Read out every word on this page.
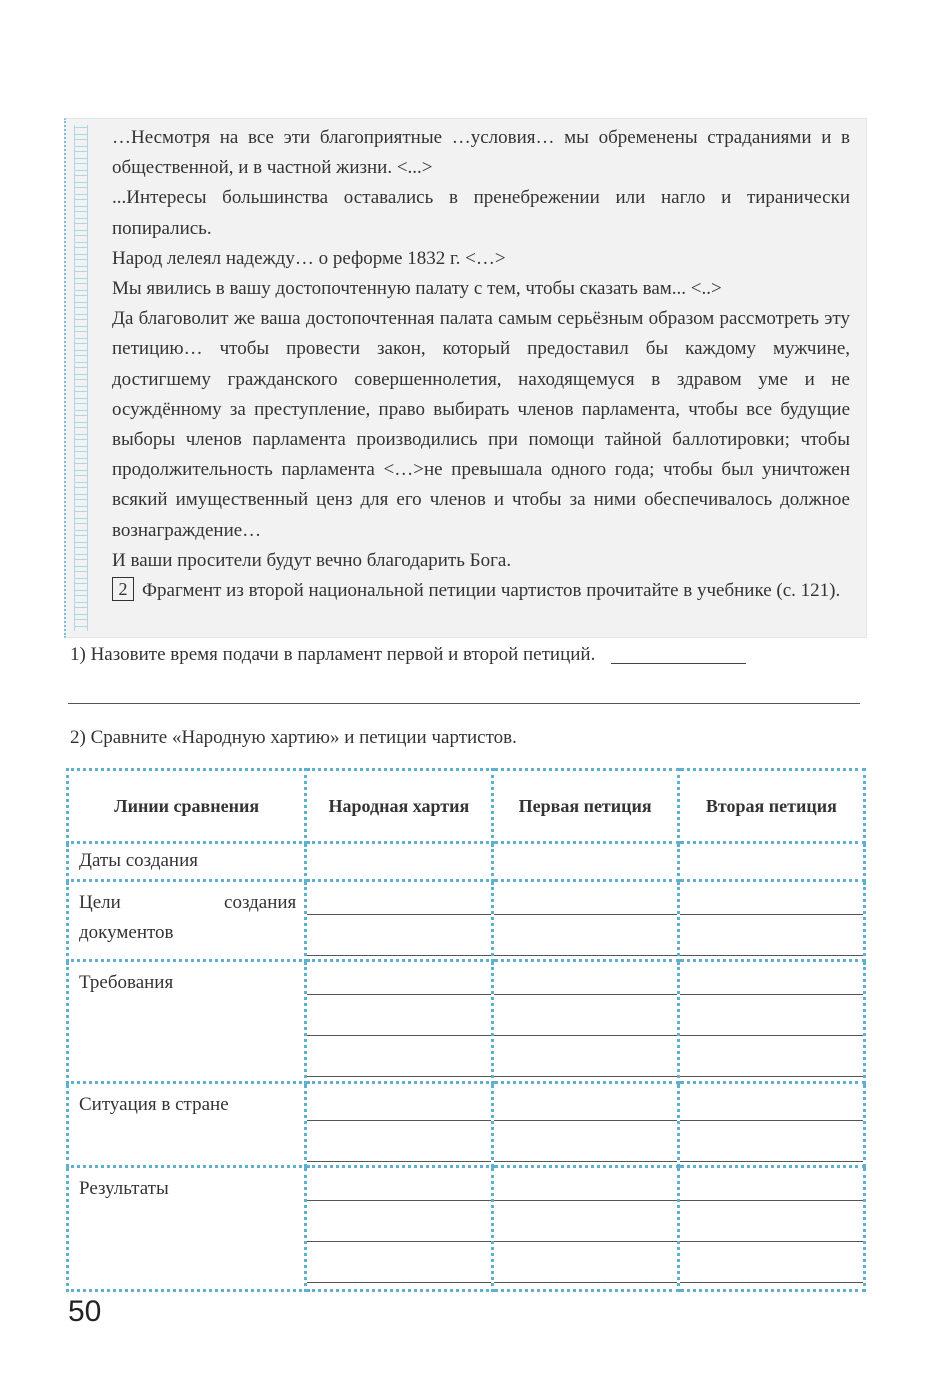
…Несмотря на все эти благоприятные …условия… мы обременены страданиями и в общественной, и в частной жизни. <...>

...Интересы большинства оставались в пренебрежении или нагло и тиранически попирались.

Народ лелеял надежду… о реформе 1832 г. <…>

Мы явились в вашу достопочтенную палату с тем, чтобы сказать вам... <..>

Да благоволит же ваша достопочтенная палата самым серьёзным образом рассмотреть эту петицию… чтобы провести закон, который предоставил бы каждому мужчине, достигшему гражданского совершеннолетия, находящемуся в здравом уме и не осуждённому за преступление, право выбирать членов парламента, чтобы все будущие выборы членов парламента производились при помощи тайной баллотировки; чтобы продолжительность парламента <…>не превышала одного года; чтобы был уничтожен всякий имущественный ценз для его членов и чтобы за ними обеспечивалось должное вознаграждение…

И ваши просители будут вечно благодарить Бога.

2 Фрагмент из второй национальной петиции чартистов прочитайте в учебнике (с. 121).

1) Назовите время подачи в парламент первой и второй петиций.
2) Сравните «Народную хартию» и петиции чартистов.
Линии сравнения	Народная хартия	Первая петиция	Вторая петиция
Даты создания			
Цели создания документов	

Требования	

Ситуация в стране	

Результаты	

50
